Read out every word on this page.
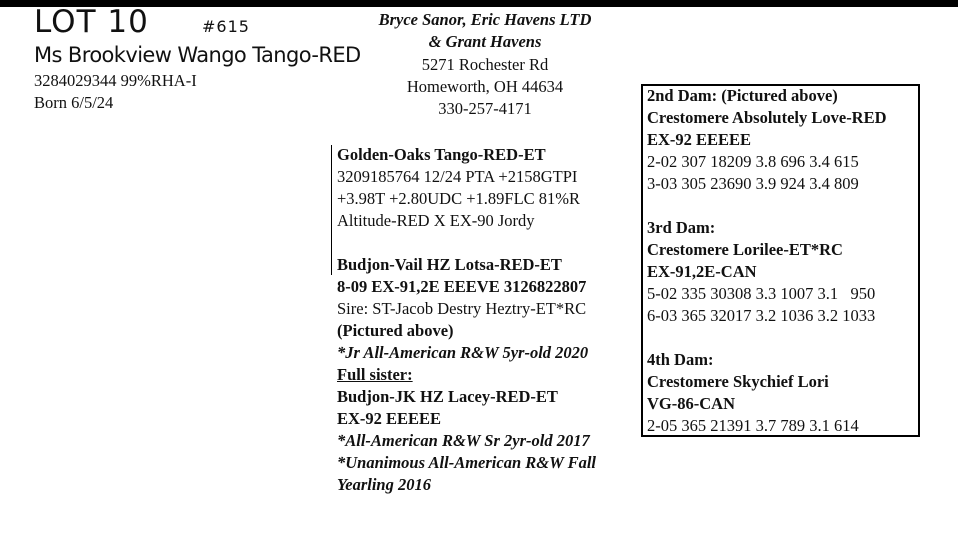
LOT 10	#615
Ms Brookview Wango Tango-RED
3284029344 99%RHA-I
Born 6/5/24
Bryce Sanor, Eric Havens LTD
& Grant Havens
5271 Rochester Rd
Homeworth, OH 44634
330-257-4171
Golden-Oaks Tango-RED-ET
3209185764 12/24 PTA +2158GTPI
+3.98T +2.80UDC +1.89FLC 81%R
Altitude-RED X EX-90 Jordy
Budjon-Vail HZ Lotsa-RED-ET
8-09 EX-91,2E EEEVE 3126822807
Sire: ST-Jacob Destry Heztry-ET*RC
(Pictured above)
*Jr All-American R&W 5yr-old 2020
Full sister:
Budjon-JK HZ Lacey-RED-ET
EX-92 EEEEE
*All-American R&W Sr 2yr-old 2017
*Unanimous All-American R&W Fall
Yearling 2016
2nd Dam: (Pictured above)
Crestomere Absolutely Love-RED
EX-92 EEEEE
2-02 307 18209 3.8 696 3.4 615
3-03 305 23690 3.9 924 3.4 809
3rd Dam:
Crestomere Lorilee-ET*RC
EX-91,2E-CAN
5-02 335 30308 3.3 1007 3.1   950
6-03 365 32017 3.2 1036 3.2 1033
4th Dam:
Crestomere Skychief Lori
VG-86-CAN
2-05 365 21391 3.7 789 3.1 614
